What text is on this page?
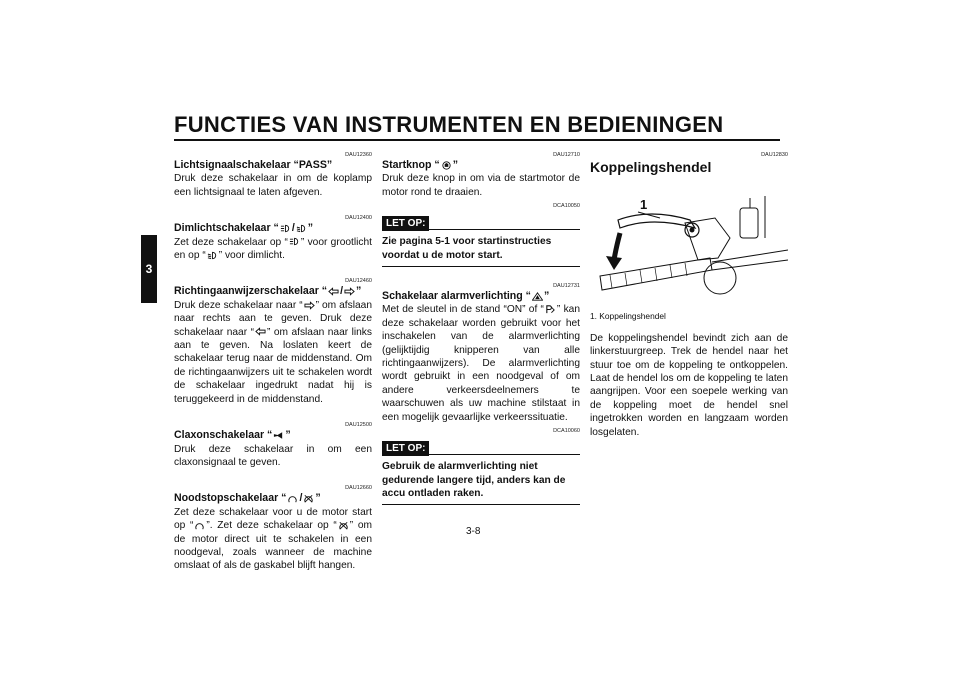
FUNCTIES VAN INSTRUMENTEN EN BEDIENINGEN
3
DAU12360
Lichtsignaalschakelaar “PASS”
Druk deze schakelaar in om de koplamp een lichtsignaal te laten afgeven.
DAU12400
Dimlichtschakelaar “ / ”
Zet deze schakelaar op “ ” voor grootlicht en op “ ” voor dimlicht.
DAU12460
Richtingaanwijzerschakelaar “ / ”
Druk deze schakelaar naar “ ” om afslaan naar rechts aan te geven. Druk deze schakelaar naar “ ” om afslaan naar links aan te geven. Na loslaten keert de schakelaar terug naar de middenstand. Om de richtingaanwijzers uit te schakelen wordt de schakelaar ingedrukt nadat hij is teruggekeerd in de middenstand.
DAU12500
Claxonschakelaar “ ”
Druk deze schakelaar in om een claxonsignaal te geven.
DAU12660
Noodstopschakelaar “ / ”
Zet deze schakelaar voor u de motor start op “ ”. Zet deze schakelaar op “ ” om de motor direct uit te schakelen in een noodgeval, zoals wanneer de machine omslaat of als de gaskabel blijft hangen.
DAU12710
Startknop “ ”
Druk deze knop in om via de startmotor de motor rond te draaien.
DCA10050
LET OP:
Zie pagina 5-1 voor startinstructies voordat u de motor start.
DAU12731
Schakelaar alarmverlichting “ ”
Met de sleutel in de stand “ON” of “ ” kan deze schakelaar worden gebruikt voor het inschakelen van de alarmverlichting (gelijktijdig knipperen van alle richtingaanwijzers). De alarmverlichting wordt gebruikt in een noodgeval of om andere verkeersdeelnemers te waarschuwen als uw machine stilstaat in een mogelijk gevaarlijke verkeerssituatie.
DCA10060
LET OP:
Gebruik de alarmverlichting niet gedurende langere tijd, anders kan de accu ontladen raken.
DAU12830
Koppelingshendel
1
1. Koppelingshendel
De koppelingshendel bevindt zich aan de linkerstuurgreep. Trek de hendel naar het stuur toe om de koppeling te ontkoppelen. Laat de hendel los om de koppeling te laten aangrijpen. Voor een soepele werking van de koppeling moet de hendel snel ingetrokken worden en langzaam worden losgelaten.
3-8
